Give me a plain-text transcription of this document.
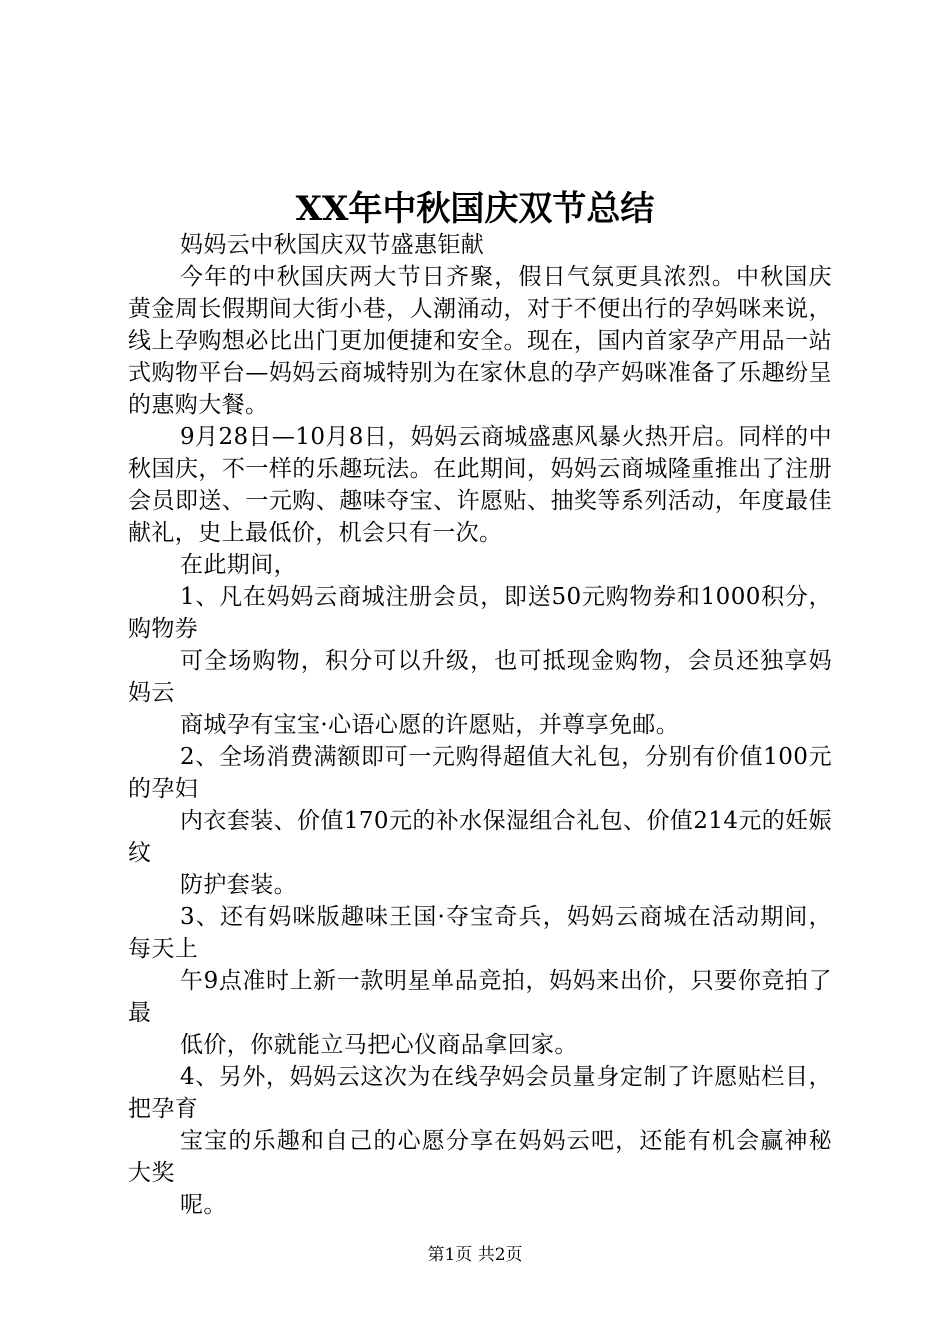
XX年中秋国庆双节总结

妈妈云中秋国庆双节盛惠钜献

今年的中秋国庆两大节日齐聚，假日气氛更具浓烈。中秋国庆黄金周长假期间大街小巷，人潮涌动，对于不便出行的孕妈咪来说，线上孕购想必比出门更加便捷和安全。现在，国内首家孕产用品一站式购物平台—妈妈云商城特别为在家休息的孕产妈咪准备了乐趣纷呈的惠购大餐。

9月28日—10月8日，妈妈云商城盛惠风暴火热开启。同样的中秋国庆，不一样的乐趣玩法。在此期间，妈妈云商城隆重推出了注册会员即送、一元购、趣味夺宝、许愿贴、抽奖等系列活动，年度最佳献礼，史上最低价，机会只有一次。

在此期间，

1、凡在妈妈云商城注册会员，即送50元购物券和1000积分，购物券

可全场购物，积分可以升级，也可抵现金购物，会员还独享妈妈云

商城孕有宝宝·心语心愿的许愿贴，并尊享免邮。

2、全场消费满额即可一元购得超值大礼包，分别有价值100元的孕妇

内衣套装、价值170元的补水保湿组合礼包、价值214元的妊娠纹

防护套装。

3、还有妈咪版趣味王国·夺宝奇兵，妈妈云商城在活动期间，每天上

午9点准时上新一款明星单品竞拍，妈妈来出价，只要你竞拍了最

低价，你就能立马把心仪商品拿回家。

4、另外，妈妈云这次为在线孕妈会员量身定制了许愿贴栏目，把孕育

宝宝的乐趣和自己的心愿分享在妈妈云吧，还能有机会赢神秘大奖

呢。

第1页 共2页
